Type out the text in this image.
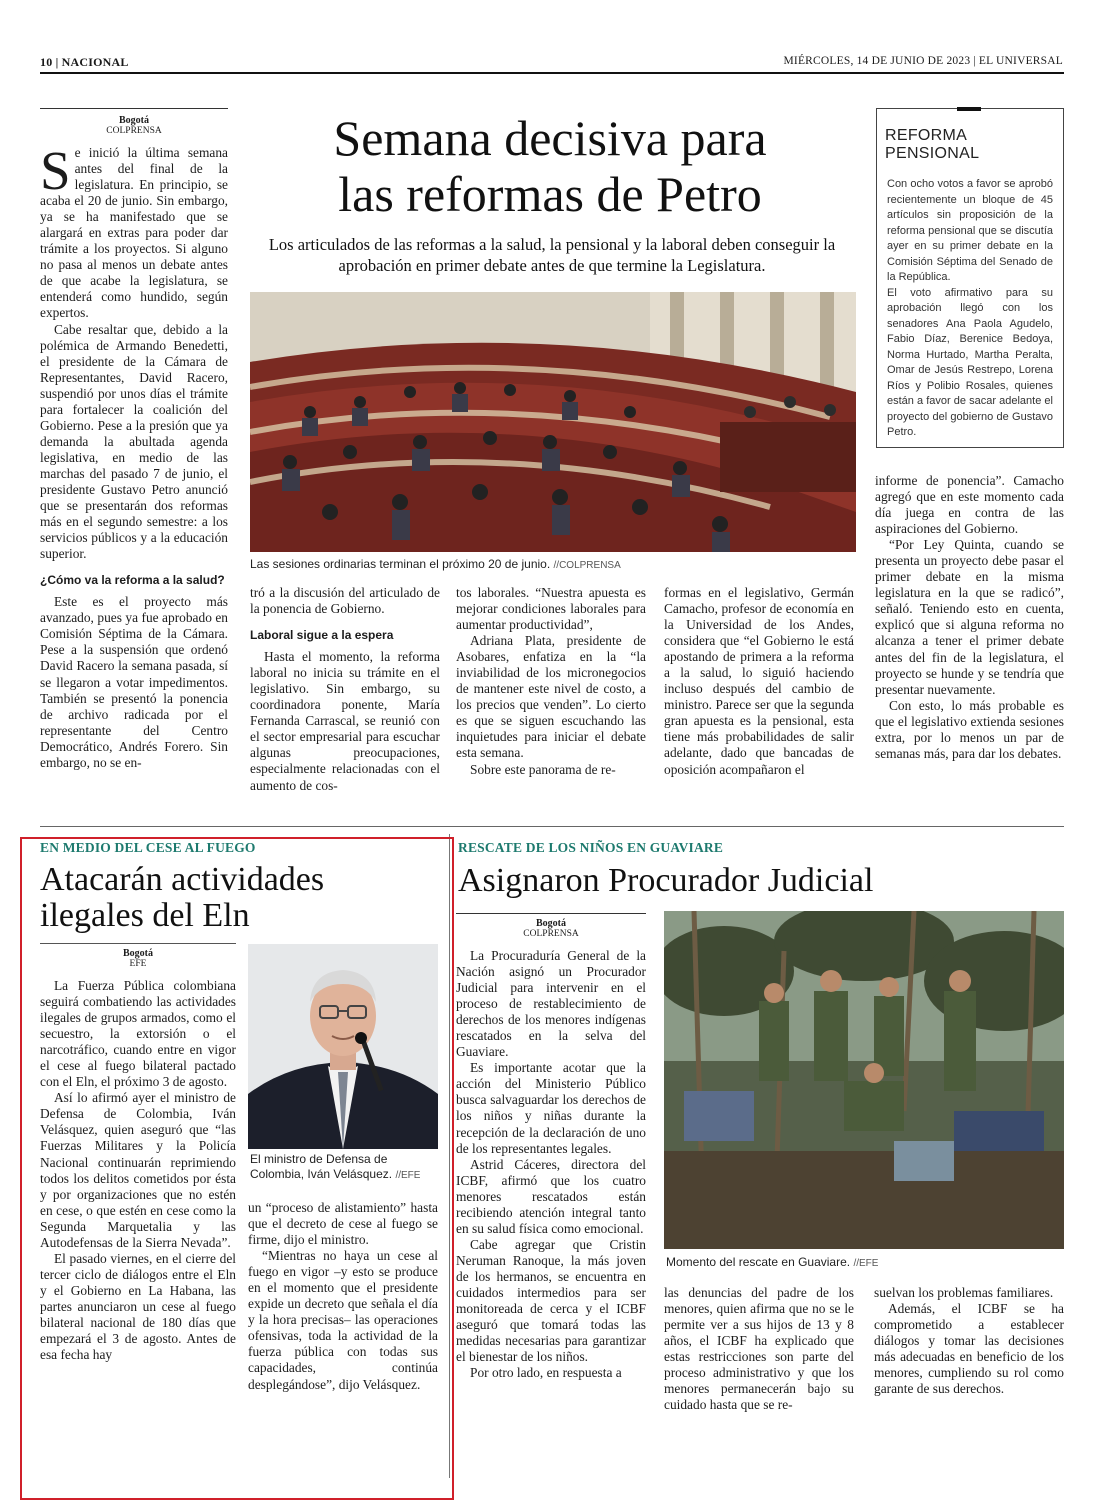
10 | NACIONAL	MIÉRCOLES, 14 DE JUNIO DE 2023 | EL UNIVERSAL
Bogotá
COLPRENSA

Se inició la última semana antes del final de la legislatura. En principio, se acaba el 20 de junio. Sin embargo, ya se ha manifestado que se alargará en extras para poder dar trámite a los proyectos. Si alguno no pasa al menos un debate antes de que acabe la legislatura, se entenderá como hundido, según expertos.

Cabe resaltar que, debido a la polémica de Armando Benedetti, el presidente de la Cámara de Representantes, David Racero, suspendió por unos días el trámite para fortalecer la coalición del Gobierno. Pese a la presión que ya demanda la abultada agenda legislativa, en medio de las marchas del pasado 7 de junio, el presidente Gustavo Petro anunció que se presentarán dos reformas más en el segundo semestre: a los servicios públicos y a la educación superior.

¿Cómo va la reforma a la salud?

Este es el proyecto más avanzado, pues ya fue aprobado en Comisión Séptima de la Cámara. Pese a la suspensión que ordenó David Racero la semana pasada, sí se llegaron a votar impedimentos. También se presentó la ponencia de archivo radicada por el representante del Centro Democrático, Andrés Forero. Sin embargo, no se en-

Semana decisiva para
las reformas de Petro
Los articulados de las reformas a la salud, la pensional y la laboral deben conseguir la aprobación en primer debate antes de que termine la Legislatura.
Las sesiones ordinarias terminan el próximo 20 de junio. //COLPRENSA

tró a la discusión del articulado de la ponencia de Gobierno.

Laboral sigue a la espera

Hasta el momento, la reforma laboral no inicia su trámite en el legislativo. Sin embargo, su coordinadora ponente, María Fernanda Carrascal, se reunió con el sector empresarial para escuchar algunas preocupaciones, especialmente relacionadas con el aumento de cos-

tos laborales. “Nuestra apuesta es mejorar condiciones laborales para aumentar productividad”,

Adriana Plata, presidente de Asobares, enfatiza en la “la inviabilidad de los micronegocios de mantener este nivel de costo, a los precios que venden”. Lo cierto es que se siguen escuchando las inquietudes para iniciar el debate esta semana.

Sobre este panorama de re-

formas en el legislativo, Germán Camacho, profesor de economía en la Universidad de los Andes, considera que “el Gobierno le está apostando de primera a la reforma a la salud, lo siguió haciendo incluso después del cambio de ministro. Parece ser que la segunda gran apuesta es la pensional, esta tiene más probabilidades de salir adelante, dado que bancadas de oposición acompañaron el

REFORMA PENSIONAL

Con ocho votos a favor se aprobó recientemente un bloque de 45 artículos sin proposición de la reforma pensional que se discutía ayer en su primer debate en la Comisión Séptima del Senado de la República.

El voto afirmativo para su aprobación llegó con los senadores Ana Paola Agudelo, Fabio Díaz, Berenice Bedoya, Norma Hurtado, Martha Peralta, Omar de Jesús Restrepo, Lorena Ríos y Polibio Rosales, quienes están a favor de sacar adelante el proyecto del gobierno de Gustavo Petro.

informe de ponencia”. Camacho agregó que en este momento cada día juega en contra de las aspiraciones del Gobierno.

“Por Ley Quinta, cuando se presenta un proyecto debe pasar el primer debate en la misma legislatura en la que se radicó”, señaló. Teniendo esto en cuenta, explicó que si alguna reforma no alcanza a tener el primer debate antes del fin de la legislatura, el proyecto se hunde y se tendría que presentar nuevamente.

Con esto, lo más probable es que el legislativo extienda sesiones extra, por lo menos un par de semanas más, para dar los debates.

EN MEDIO DEL CESE AL FUEGO
Atacarán actividades
ilegales del Eln
Bogotá
EFE

La Fuerza Pública colombiana seguirá combatiendo las actividades ilegales de grupos armados, como el secuestro, la extorsión o el narcotráfico, cuando entre en vigor el cese al fuego bilateral pactado con el Eln, el próximo 3 de agosto.

Así lo afirmó ayer el ministro de Defensa de Colombia, Iván Velásquez, quien aseguró que “las Fuerzas Militares y la Policía Nacional continuarán reprimiendo todos los delitos cometidos por ésta y por organizaciones que no estén en cese, o que estén en cese como la Segunda Marquetalia y las Autodefensas de la Sierra Nevada”.

El pasado viernes, en el cierre del tercer ciclo de diálogos entre el Eln y el Gobierno en La Habana, las partes anunciaron un cese al fuego bilateral nacional de 180 días que empezará el 3 de agosto. Antes de esa fecha hay

El ministro de Defensa de Colombia, Iván Velásquez. //EFE

un “proceso de alistamiento” hasta que el decreto de cese al fuego se firme, dijo el ministro.

“Mientras no haya un cese al fuego en vigor –y esto se produce en el momento que el presidente expide un decreto que señala el día y la hora precisas– las operaciones ofensivas, toda la actividad de la fuerza pública con todas sus capacidades, continúa desplegándose”, dijo Velásquez.

RESCATE DE LOS NIÑOS EN GUAVIARE
Asignaron Procurador Judicial
Bogotá
COLPRENSA

La Procuraduría General de la Nación asignó un Procurador Judicial para intervenir en el proceso de restablecimiento de derechos de los menores indígenas rescatados en la selva del Guaviare.

Es importante acotar que la acción del Ministerio Público busca salvaguardar los derechos de los niños y niñas durante la recepción de la declaración de uno de los representantes legales.

Astrid Cáceres, directora del ICBF, afirmó que los cuatro menores rescatados están recibiendo atención integral tanto en su salud física como emocional.

Cabe agregar que Cristin Neruman Ranoque, la más joven de los hermanos, se encuentra en cuidados intermedios para ser monitoreada de cerca y el ICBF aseguró que tomará todas las medidas necesarias para garantizar el bienestar de los niños.

Por otro lado, en respuesta a

Momento del rescate en Guaviare. //EFE

las denuncias del padre de los menores, quien afirma que no se le permite ver a sus hijos de 13 y 8 años, el ICBF ha explicado que estas restricciones son parte del proceso administrativo y que los menores permanecerán bajo su cuidado hasta que se re-

suelvan los problemas familiares.

Además, el ICBF se ha comprometido a establecer diálogos y tomar las decisiones más adecuadas en beneficio de los menores, cumpliendo su rol como garante de sus derechos.
